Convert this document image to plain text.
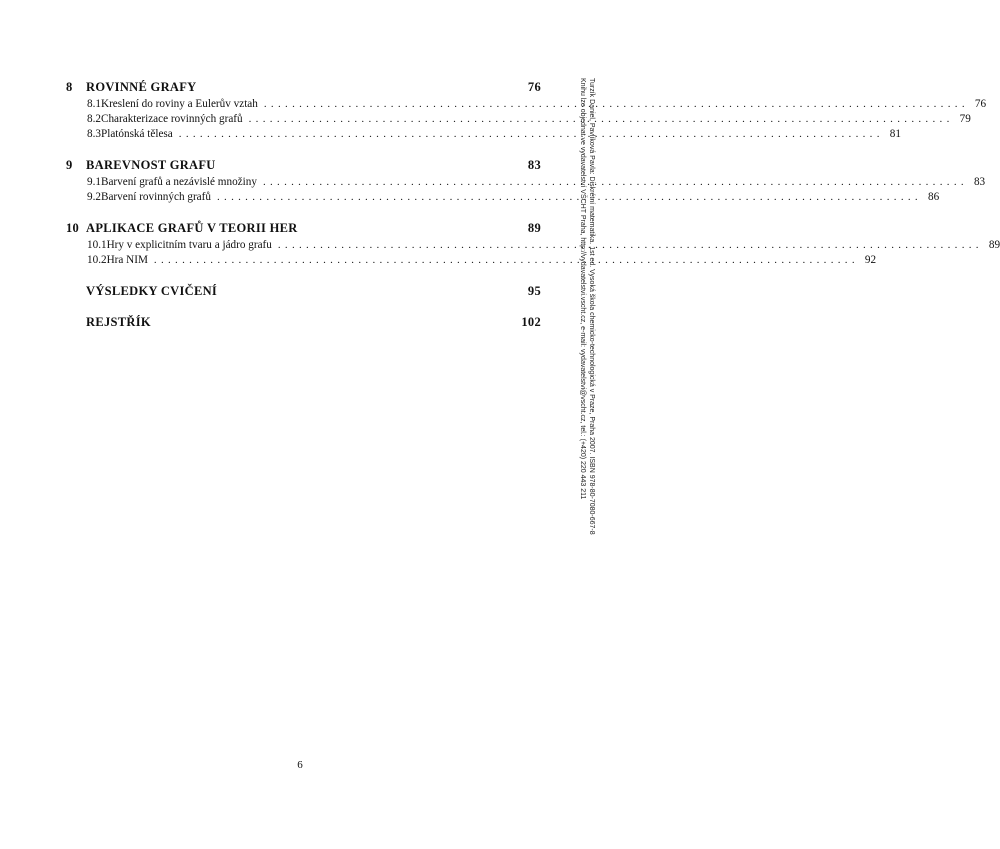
8	ROVINNÉ GRAFY	76
8.1 Kreslení do roviny a Eulerův vztah .................................................................................................... 76
8.2 Charakterizace rovinných grafů .................................................................................................... 79
8.3 Platónská tělesa .................................................................................................... 81
9	BAREVNOST GRAFU	83
9.1 Barvení grafů a nezávislé množiny .................................................................................................... 83
9.2 Barvení rovinných grafů .................................................................................................... 86
10 APLIKACE GRAFŮ V TEORII HER	89
10.1 Hry v explicitním tvaru a jádro grafu .................................................................................................... 89
10.2 Hra NIM .................................................................................................... 92
VÝSLEDKY CVIČENÍ	95
REJSTŘÍK	102
6
Turzík Daniel, Pavlíková Pavla: Diskrétní matematika. 1st ed. Vysoká škola chemicko-technologická v Praze, Praha 2007. ISBN 978-80-7080-667-8
Knihu lze objednat ve vydavatelství VŠCHT Praha, http://vydavatelstvi.vscht.cz, e-mail: vydavatelstvi@vscht.cz, tel.: (+420) 220 443 211
